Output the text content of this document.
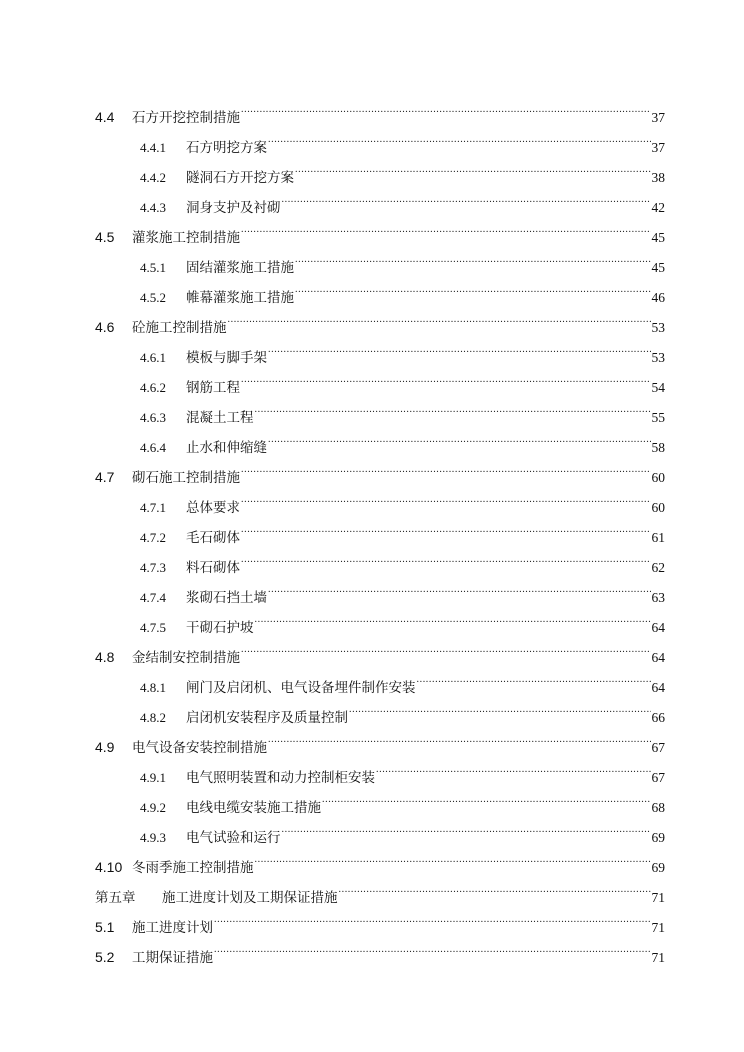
4.4	石方开挖控制措施 .....	37
4.4.1	石方明挖方案 .....	37
4.4.2	隧洞石方开挖方案 .....	38
4.4.3	洞身支护及衬砌 .....	42
4.5	灌浆施工控制措施 .....	45
4.5.1	固结灌浆施工措施 .....	45
4.5.2	帷幕灌浆施工措施 .....	46
4.6	砼施工控制措施 .....	53
4.6.1	模板与脚手架 .....	53
4.6.2	钢筋工程 .....	54
4.6.3	混凝土工程 .....	55
4.6.4	止水和伸缩缝 .....	58
4.7	砌石施工控制措施 .....	60
4.7.1	总体要求 .....	60
4.7.2	毛石砌体 .....	61
4.7.3	料石砌体 .....	62
4.7.4	浆砌石挡土墙 .....	63
4.7.5	干砌石护坡 .....	64
4.8	金结制安控制措施 .....	64
4.8.1	闸门及启闭机、电气设备埋件制作安装 .....	64
4.8.2	启闭机安装程序及质量控制 .....	66
4.9	电气设备安装控制措施 .....	67
4.9.1	电气照明装置和动力控制柜安装 .....	67
4.9.2	电线电缆安装施工措施 .....	68
4.9.3	电气试验和运行 .....	69
4.10 冬雨季施工控制措施 .....	69
第五章	施工进度计划及工期保证措施 .....	71
5.1	施工进度计划 .....	71
5.2	工期保证措施 .....	71
